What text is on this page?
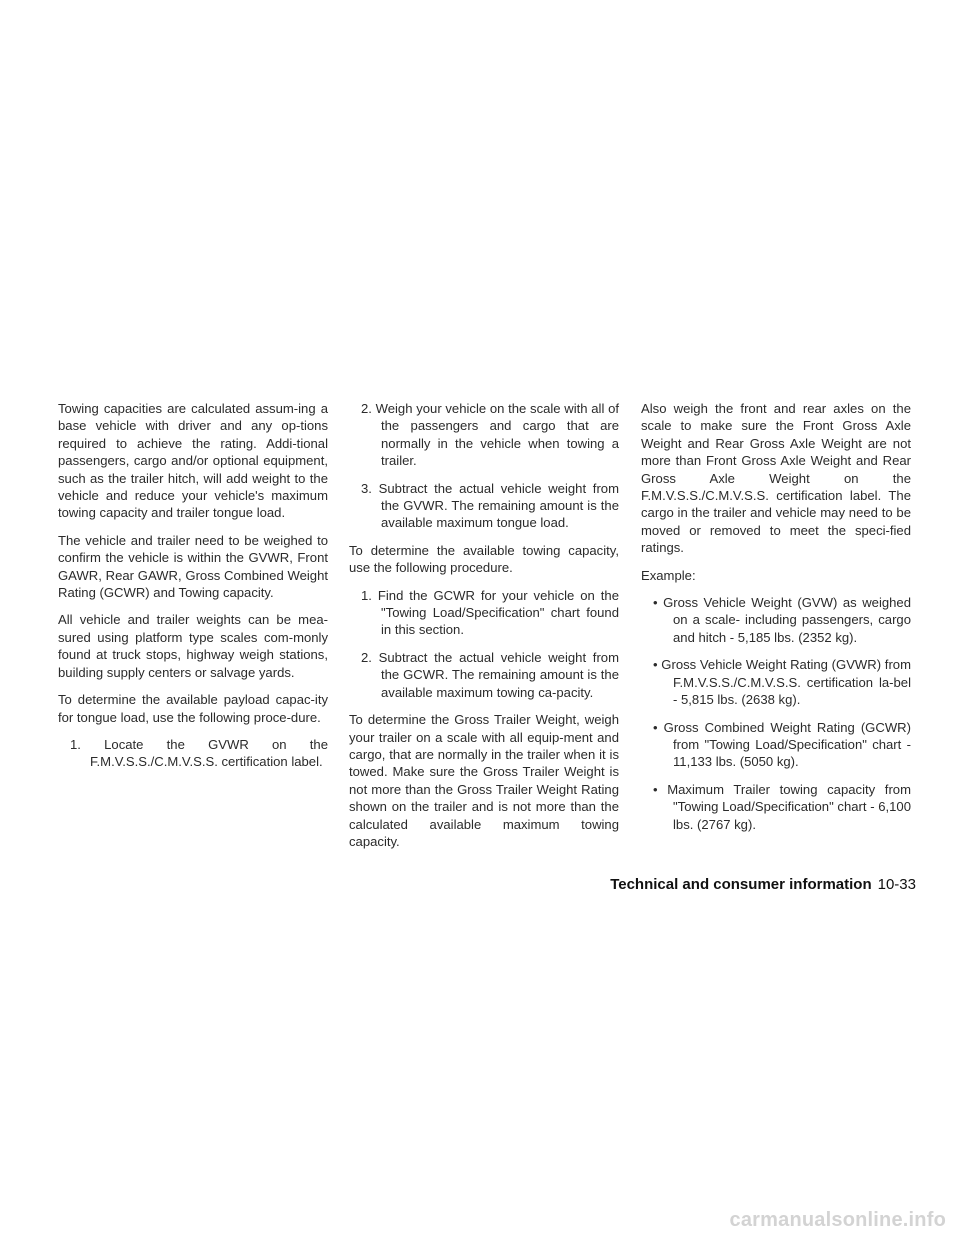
Towing capacities are calculated assum-ing a base vehicle with driver and any op-tions required to achieve the rating. Addi-tional passengers, cargo and/or optional equipment, such as the trailer hitch, will add weight to the vehicle and reduce your vehicle's maximum towing capacity and trailer tongue load.

The vehicle and trailer need to be weighed to confirm the vehicle is within the GVWR, Front GAWR, Rear GAWR, Gross Combined Weight Rating (GCWR) and Towing capacity.

All vehicle and trailer weights can be mea-sured using platform type scales com-monly found at truck stops, highway weigh stations, building supply centers or salvage yards.

To determine the available payload capac-ity for tongue load, use the following proce-dure.

1. Locate the GVWR on the F.M.V.S.S./C.M.V.S.S. certification label.

2. Weigh your vehicle on the scale with all of the passengers and cargo that are normally in the vehicle when towing a trailer.

3. Subtract the actual vehicle weight from the GVWR. The remaining amount is the available maximum tongue load.

To determine the available towing capacity, use the following procedure.

1. Find the GCWR for your vehicle on the "Towing Load/Specification" chart found in this section.

2. Subtract the actual vehicle weight from the GCWR. The remaining amount is the available maximum towing ca-pacity.

To determine the Gross Trailer Weight, weigh your trailer on a scale with all equip-ment and cargo, that are normally in the trailer when it is towed. Make sure the Gross Trailer Weight is not more than the Gross Trailer Weight Rating shown on the trailer and is not more than the calculated available maximum towing capacity.

Also weigh the front and rear axles on the scale to make sure the Front Gross Axle Weight and Rear Gross Axle Weight are not more than Front Gross Axle Weight and Rear Gross Axle Weight on the F.M.V.S.S./C.M.V.S.S. certification label. The cargo in the trailer and vehicle may need to be moved or removed to meet the speci-fied ratings.

Example:

• Gross Vehicle Weight (GVW) as weighed on a scale- including passengers, cargo and hitch - 5,185 lbs. (2352 kg).

• Gross Vehicle Weight Rating (GVWR) from F.M.V.S.S./C.M.V.S.S. certification la-bel - 5,815 lbs. (2638 kg).

• Gross Combined Weight Rating (GCWR) from "Towing Load/Specification" chart - 11,133 lbs. (5050 kg).

• Maximum Trailer towing capacity from "Towing Load/Specification" chart - 6,100 lbs. (2767 kg).

Technical and consumer information 10-33
carmanualsonline.info
